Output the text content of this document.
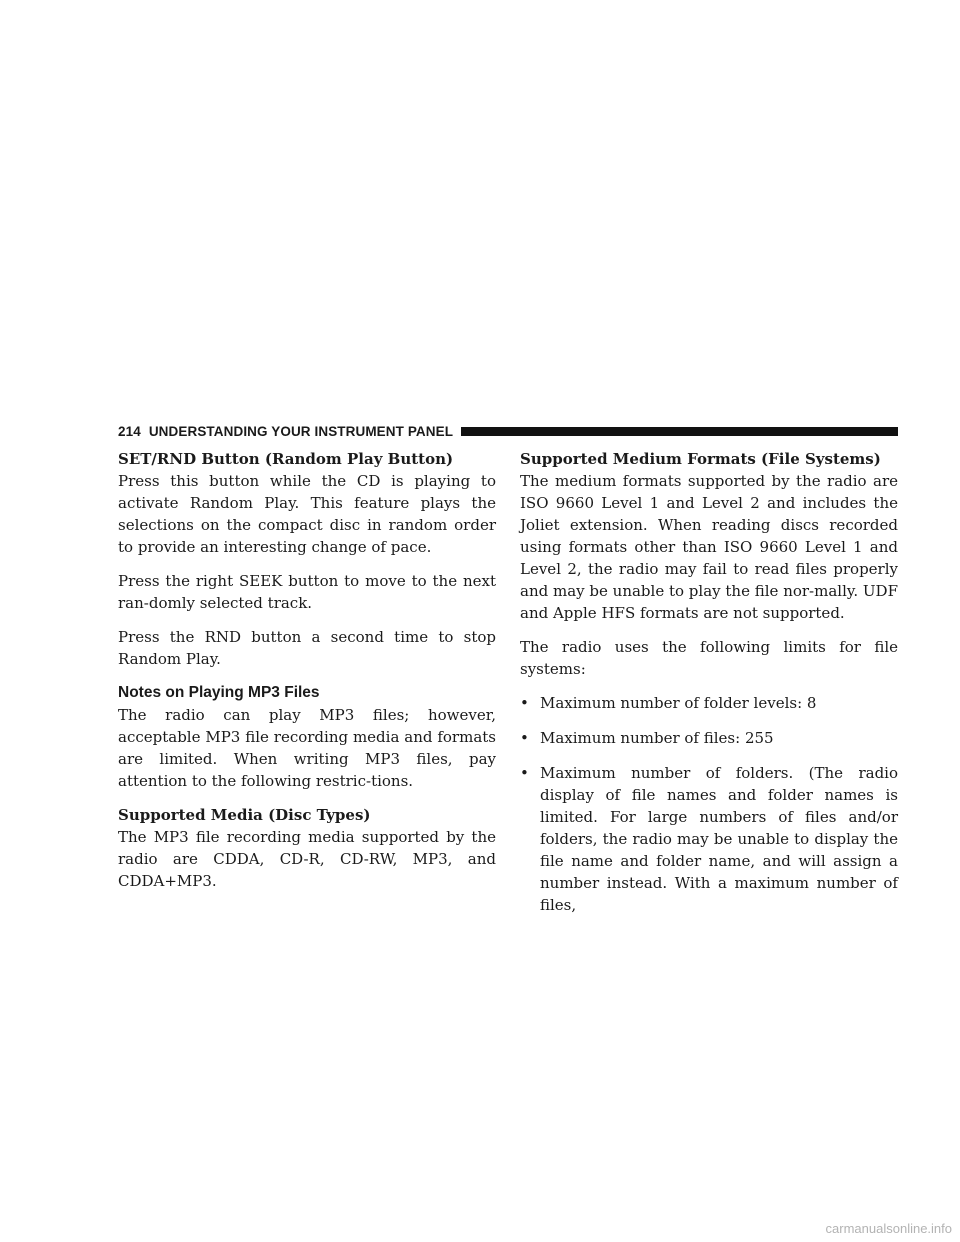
214 UNDERSTANDING YOUR INSTRUMENT PANEL
SET/RND Button (Random Play Button)

Press this button while the CD is playing to activate Random Play. This feature plays the selections on the compact disc in random order to provide an interesting change of pace.

Press the right SEEK button to move to the next ran-domly selected track.

Press the RND button a second time to stop Random Play.

Notes on Playing MP3 Files

The radio can play MP3 files; however, acceptable MP3 file recording media and formats are limited. When writing MP3 files, pay attention to the following restric-tions.

Supported Media (Disc Types)

The MP3 file recording media supported by the radio are CDDA, CD-R, CD-RW, MP3, and CDDA+MP3.

Supported Medium Formats (File Systems)

The medium formats supported by the radio are ISO 9660 Level 1 and Level 2 and includes the Joliet extension. When reading discs recorded using formats other than ISO 9660 Level 1 and Level 2, the radio may fail to read files properly and may be unable to play the file nor-mally. UDF and Apple HFS formats are not supported.

The radio uses the following limits for file systems:

• Maximum number of folder levels: 8
• Maximum number of files: 255
• Maximum number of folders. (The radio display of file names and folder names is limited. For large numbers of files and/or folders, the radio may be unable to display the file name and folder name, and will assign a number instead. With a maximum number of files,
carmanualsonline.info
